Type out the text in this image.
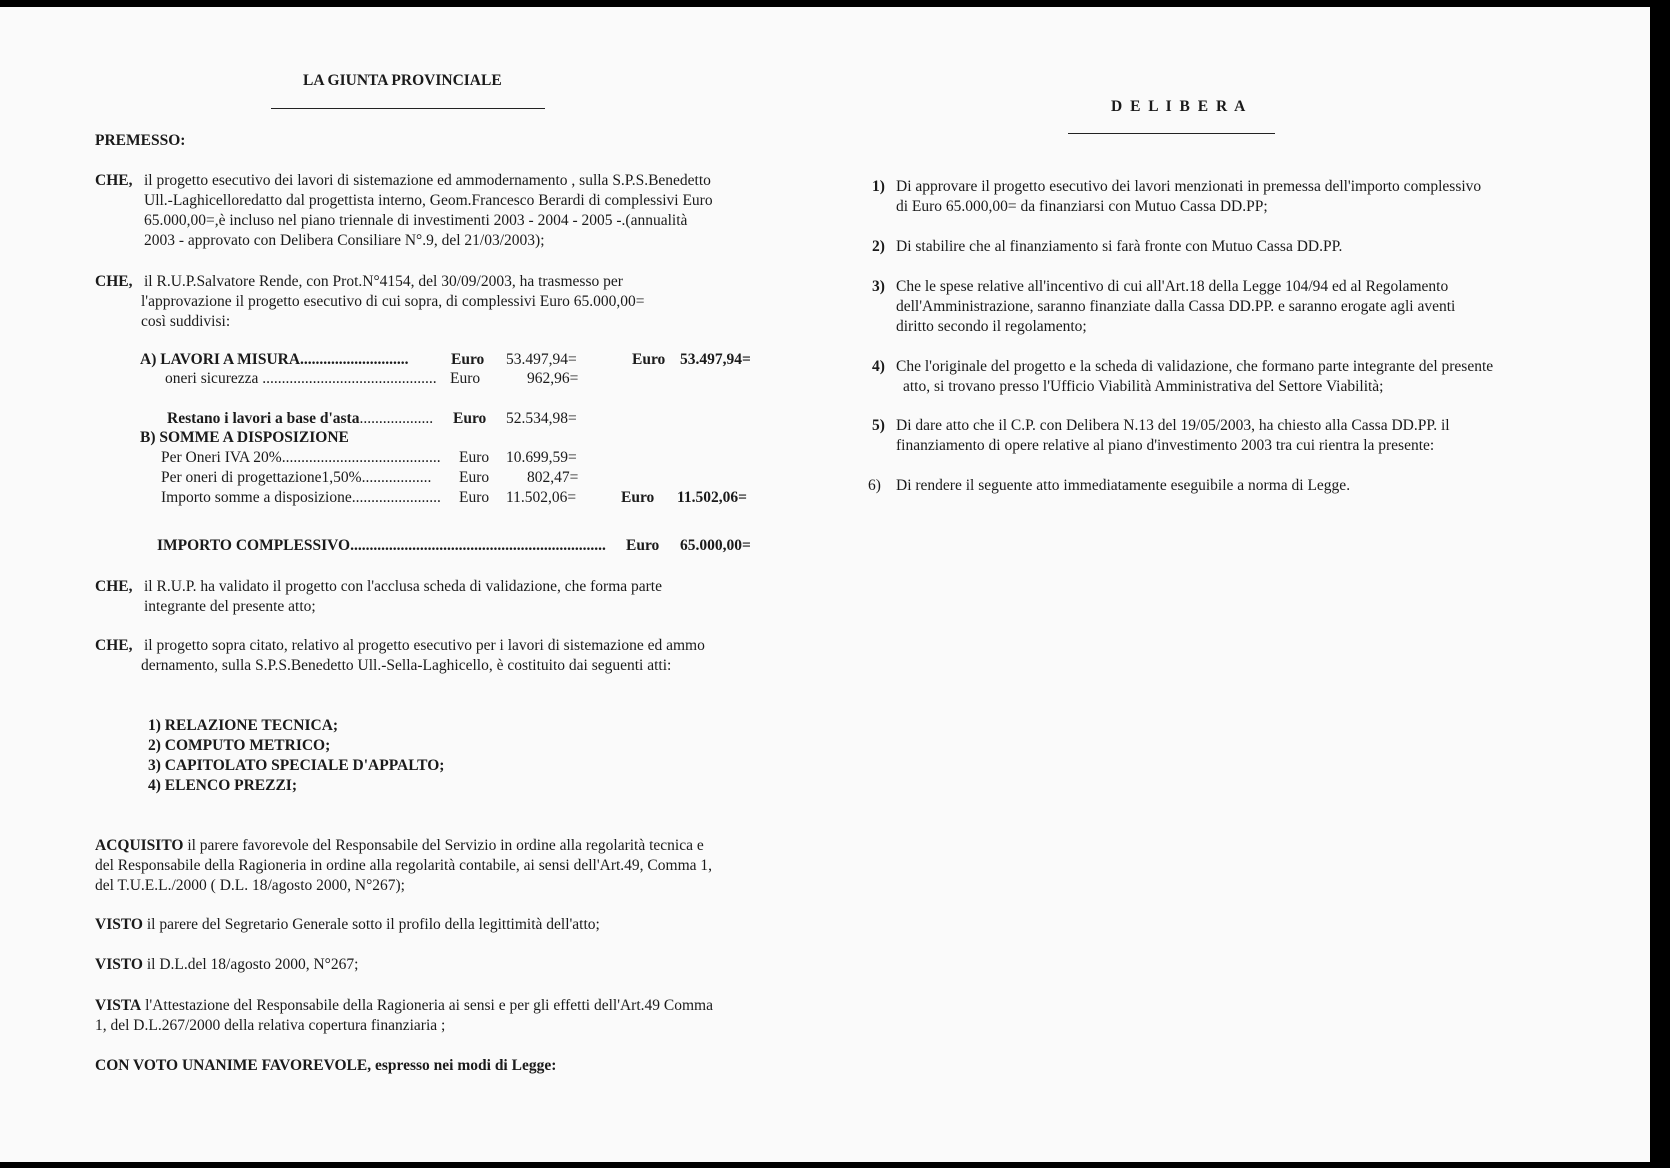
LA GIUNTA PROVINCIALE
PREMESSO:
CHE, il progetto esecutivo dei lavori di sistemazione ed ammodernamento , sulla S.P.S.Benedetto
Ull.-Laghicelloredatto dal progettista interno, Geom.Francesco Berardi di complessivi Euro
65.000,00=,è incluso nel piano triennale di investimenti 2003 - 2004 - 2005 -.(annualità
2003 - approvato con Delibera Consiliare N°.9, del 21/03/2003);
CHE, il R.U.P.Salvatore Rende, con Prot.N°4154, del 30/09/2003, ha trasmesso per
l'approvazione il progetto esecutivo di cui sopra, di complessivi Euro 65.000,00=
così suddivisi:
A) LAVORI A MISURA............................	Euro 53.497,94=	Euro 53.497,94=
oneri sicurezza ............................................. Euro	962,96=
Restano i lavori a base d'asta................... Euro 52.534,98=
B) SOMME A DISPOSIZIONE
Per Oneri IVA 20%......................................... Euro 10.699,59=
Per oneri di progettazione1,50%.................. Euro 802,47=
Importo somme a disposizione....................... Euro 11.502,06=	Euro 11.502,06=
IMPORTO COMPLESSIVO.................................................................. Euro 65.000,00=
CHE, il R.U.P. ha validato il progetto con l'acclusa scheda di validazione, che forma parte
integrante del presente atto;
CHE, il progetto sopra citato, relativo al progetto esecutivo per i lavori di sistemazione ed ammo
dernamento, sulla S.P.S.Benedetto Ull.-Sella-Laghicello, è costituito dai seguenti atti:
1) RELAZIONE TECNICA;
2) COMPUTO METRICO;
3) CAPITOLATO SPECIALE D'APPALTO;
4) ELENCO PREZZI;
ACQUISITO il parere favorevole del Responsabile del Servizio in ordine alla regolarità tecnica e
del Responsabile della Ragioneria in ordine alla regolarità contabile, ai sensi dell'Art.49, Comma 1,
del T.U.E.L./2000 ( D.L. 18/agosto 2000, N°267);
VISTO il parere del Segretario Generale sotto il profilo della legittimità dell'atto;
VISTO il D.L.del 18/agosto 2000, N°267;
VISTA l'Attestazione del Responsabile della Ragioneria ai sensi e per gli effetti dell'Art.49 Comma
1, del D.L.267/2000 della relativa copertura finanziaria ;
CON VOTO UNANIME FAVOREVOLE, espresso nei modi di Legge:
D E L I B E R A
1) Di approvare il progetto esecutivo dei lavori menzionati in premessa dell'importo complessivo
di Euro 65.000,00= da finanziarsi con Mutuo Cassa DD.PP;
2) Di stabilire che al finanziamento si farà fronte con Mutuo Cassa DD.PP.
3) Che le spese relative all'incentivo di cui all'Art.18 della Legge 104/94 ed al Regolamento
dell'Amministrazione, saranno finanziate dalla Cassa DD.PP. e saranno erogate agli aventi
diritto secondo il regolamento;
4) Che l'originale del progetto e la scheda di validazione, che formano parte integrante del presente
atto, si trovano presso l'Ufficio Viabilità Amministrativa del Settore Viabilità;
5) Di dare atto che il C.P. con Delibera N.13 del 19/05/2003, ha chiesto alla Cassa DD.PP. il
finanziamento di opere relative al piano d'investimento 2003 tra cui rientra la presente:
6) Di rendere il seguente atto immediatamente eseguibile a norma di Legge.
